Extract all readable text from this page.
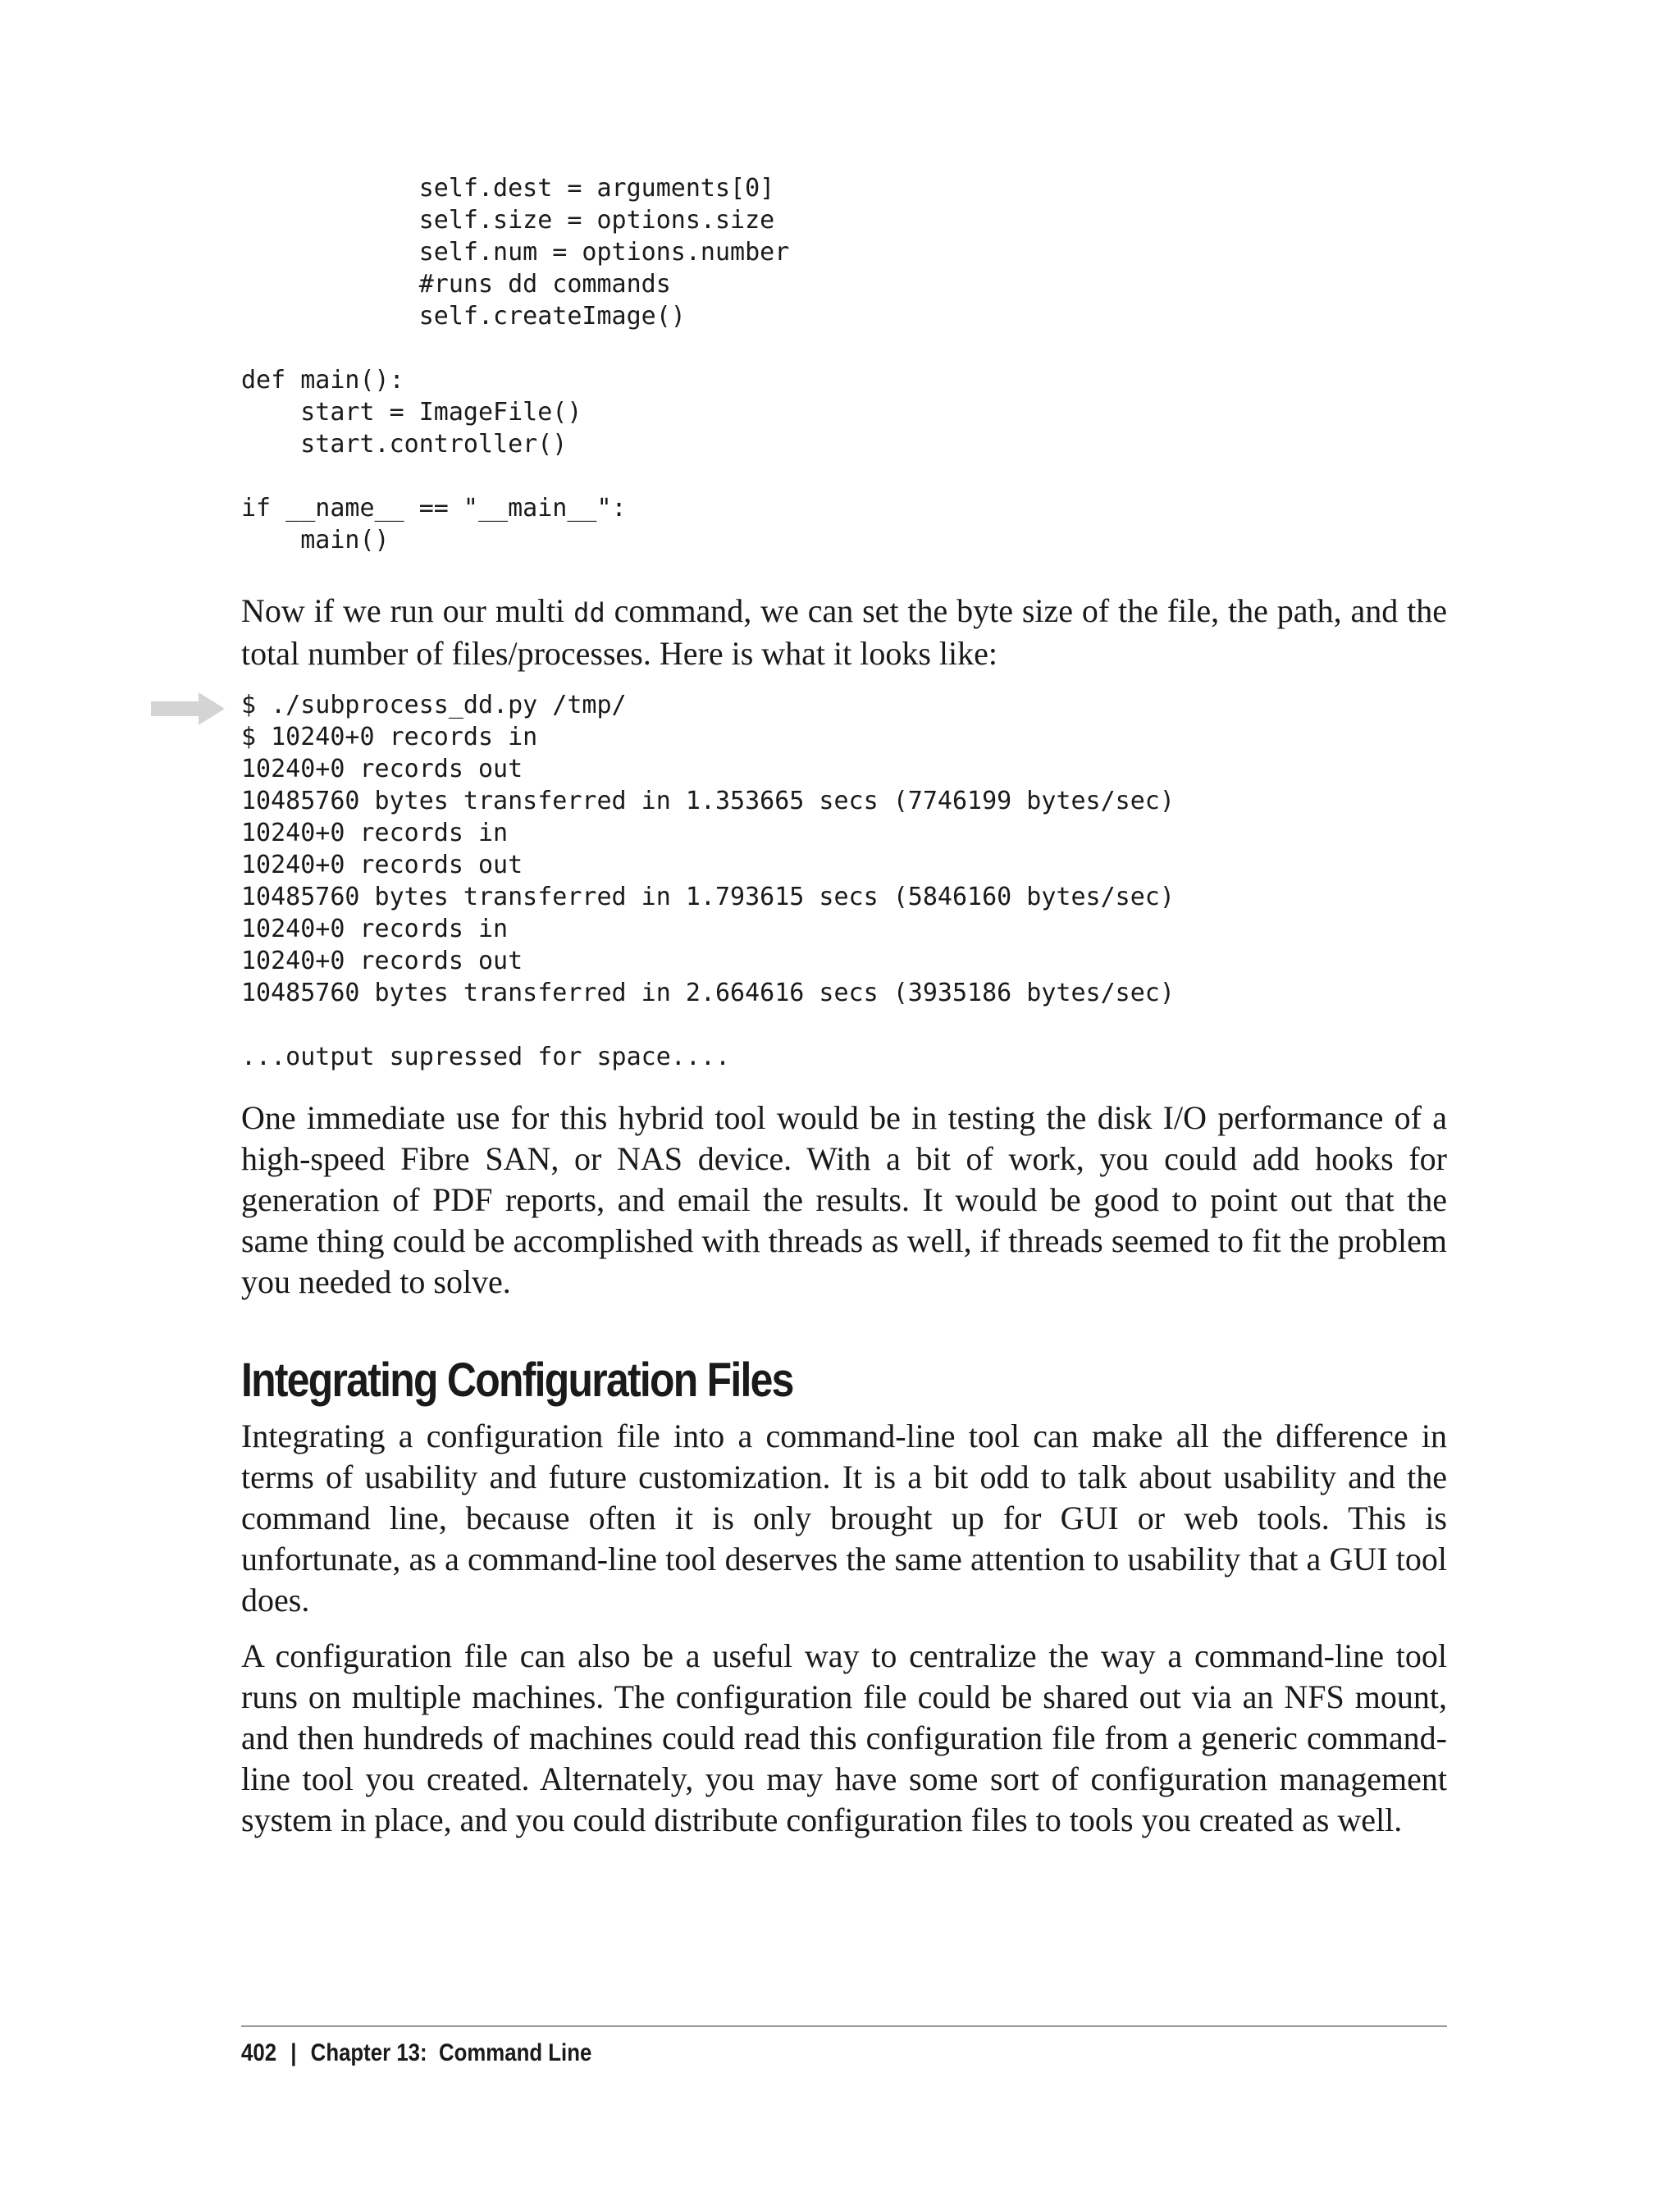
self.dest = arguments[0]
self.size = options.size
self.num = options.number
#runs dd commands
self.createImage()
def main():
start = ImageFile()
start.controller()
if __name__ == "__main__":
main()

Now if we run our multi dd command, we can set the byte size of the file, the path, and the total number of files/processes. Here is what it looks like:

$ ./subprocess_dd.py /tmp/
$ 10240+0 records in
10240+0 records out
10485760 bytes transferred in 1.353665 secs (7746199 bytes/sec)
10240+0 records in
10240+0 records out
10485760 bytes transferred in 1.793615 secs (5846160 bytes/sec)
10240+0 records in
10240+0 records out
10485760 bytes transferred in 2.664616 secs (3935186 bytes/sec)
...output supressed for space....

One immediate use for this hybrid tool would be in testing the disk I/O performance of a high-speed Fibre SAN, or NAS device. With a bit of work, you could add hooks for generation of PDF reports, and email the results. It would be good to point out that the same thing could be accomplished with threads as well, if threads seemed to fit the problem you needed to solve.

Integrating Configuration Files

Integrating a configuration file into a command-line tool can make all the difference in terms of usability and future customization. It is a bit odd to talk about usability and the command line, because often it is only brought up for GUI or web tools. This is unfortunate, as a command-line tool deserves the same attention to usability that a GUI tool does.

A configuration file can also be a useful way to centralize the way a command-line tool runs on multiple machines. The configuration file could be shared out via an NFS mount, and then hundreds of machines could read this configuration file from a generic command-line tool you created. Alternately, you may have some sort of configuration management system in place, and you could distribute configuration files to tools you created as well.

402 | Chapter 13:  Command Line
